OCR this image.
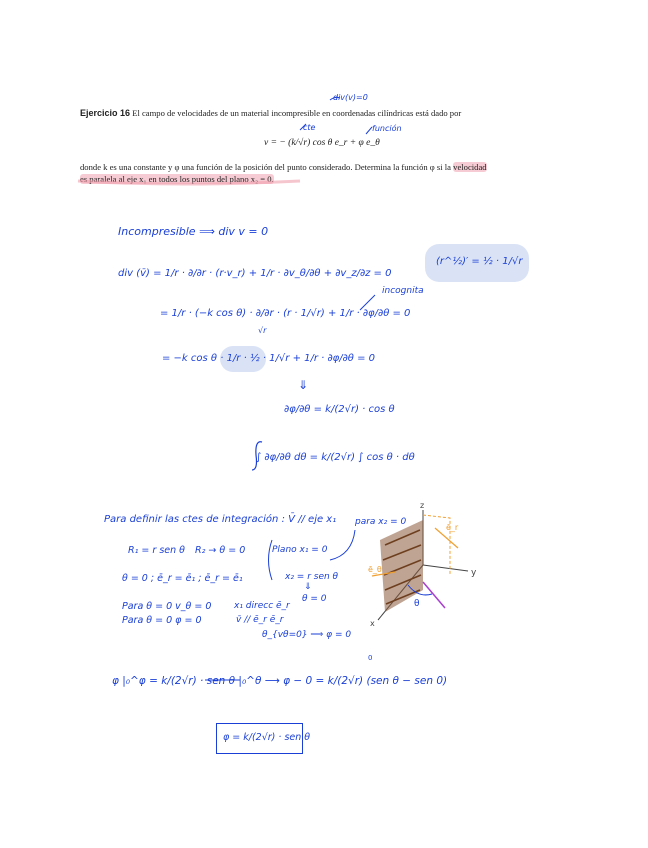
div(v)=0
Ejercicio 16 El campo de velocidades de un material incompresible en coordenadas cilíndricas está dado por
cte	función
v = − (k/√r) cos θ e_r + φ e_θ
donde k es una constante y φ una función de la posición del punto considerado. Determina la función φ si la velocidad
es paralela al eje x₁ en todos los puntos del plano x₂ = 0.
Incompresible ⟹ div v = 0
(r^½)′ = ½ · 1/√r
div (v̄) = 1/r · ∂/∂r · (r·v_r) + 1/r · ∂v_θ/∂θ + ∂v_z/∂z = 0
incognita
= 1/r · (−k cos θ) · ∂/∂r · (r · 1/√r) + 1/r · ∂φ/∂θ = 0
√r
= −k cos θ · 1/r · ½ · 1/√r + 1/r · ∂φ/∂θ = 0
⇓
∂φ/∂θ = k/(2√r) · cos θ
∫ ∂φ/∂θ dθ = k/(2√r) ∫ cos θ · dθ
Para definir las ctes de integración : V̄ // eje x₁ para x₂ = 0
R₁ = r sen θ R₂ → θ = 0	Plano x₁ = 0
θ = 0 ; ē_r = ē₁ ; ē_r = ē₁	x₂ = r sen θ
⇓
θ = 0
Para θ = 0 v_θ = 0
Para θ = 0 φ = 0
x₁ direcc ē_r
v̄ // ē_r ē_r
θ_{vθ=0} ⟹ φ = 0
φ |₀^φ = k/(2√r) · sen θ |₀^θ ⟶ φ − 0 = k/(2√r) (sen θ − sen 0)
φ = k/(2√r) · sen θ
z
y
x
ē_r
ē_θ
θ
0
